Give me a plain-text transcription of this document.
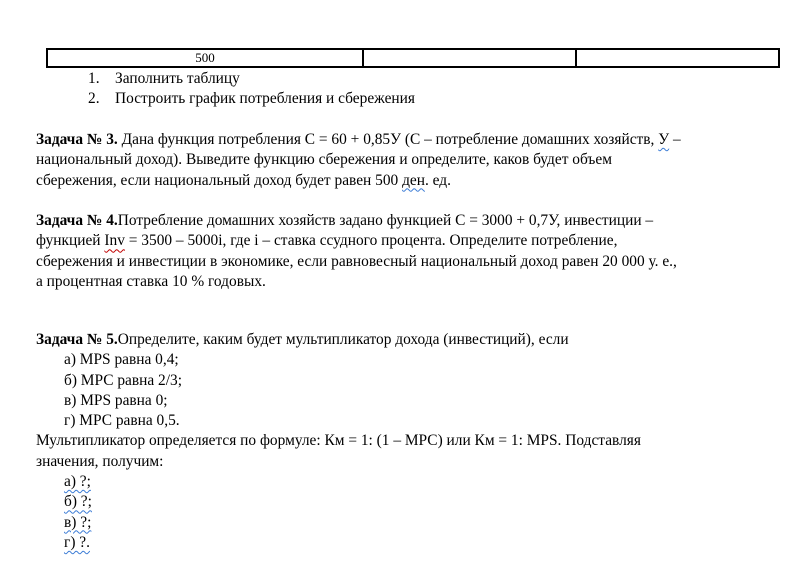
500		
1.	Заполнить таблицу
2.	Построить график потребления и сбережения
Задача № 3. Дана функция потребления С = 60 + 0,85У (С – потребление домашних хозяйств, У –
национальный доход). Выведите функцию сбережения и определите, каков будет объем
сбережения, если национальный доход будет равен 500 ден. ед.
Задача № 4.Потребление домашних хозяйств задано функцией С = 3000 + 0,7У, инвестиции –
функцией Inv = 3500 – 5000i, где i – ставка ссудного процента. Определите потребление,
сбережения и инвестиции в экономике, если равновесный национальный доход равен 20 000 у. е.,
а процентная ставка 10 % годовых.
Задача № 5.Определите, каким будет мультипликатор дохода (инвестиций), если
а) MPS равна 0,4;
б) МРС равна 2/3;
в) MPS равна 0;
г) МРС равна 0,5.
Мультипликатор определяется по формуле: Км = 1: (1 – МРС) или Км = 1: MPS. Подставляя
значения, получим:
а) ?;
б) ?;
в) ?;
г) ?.
